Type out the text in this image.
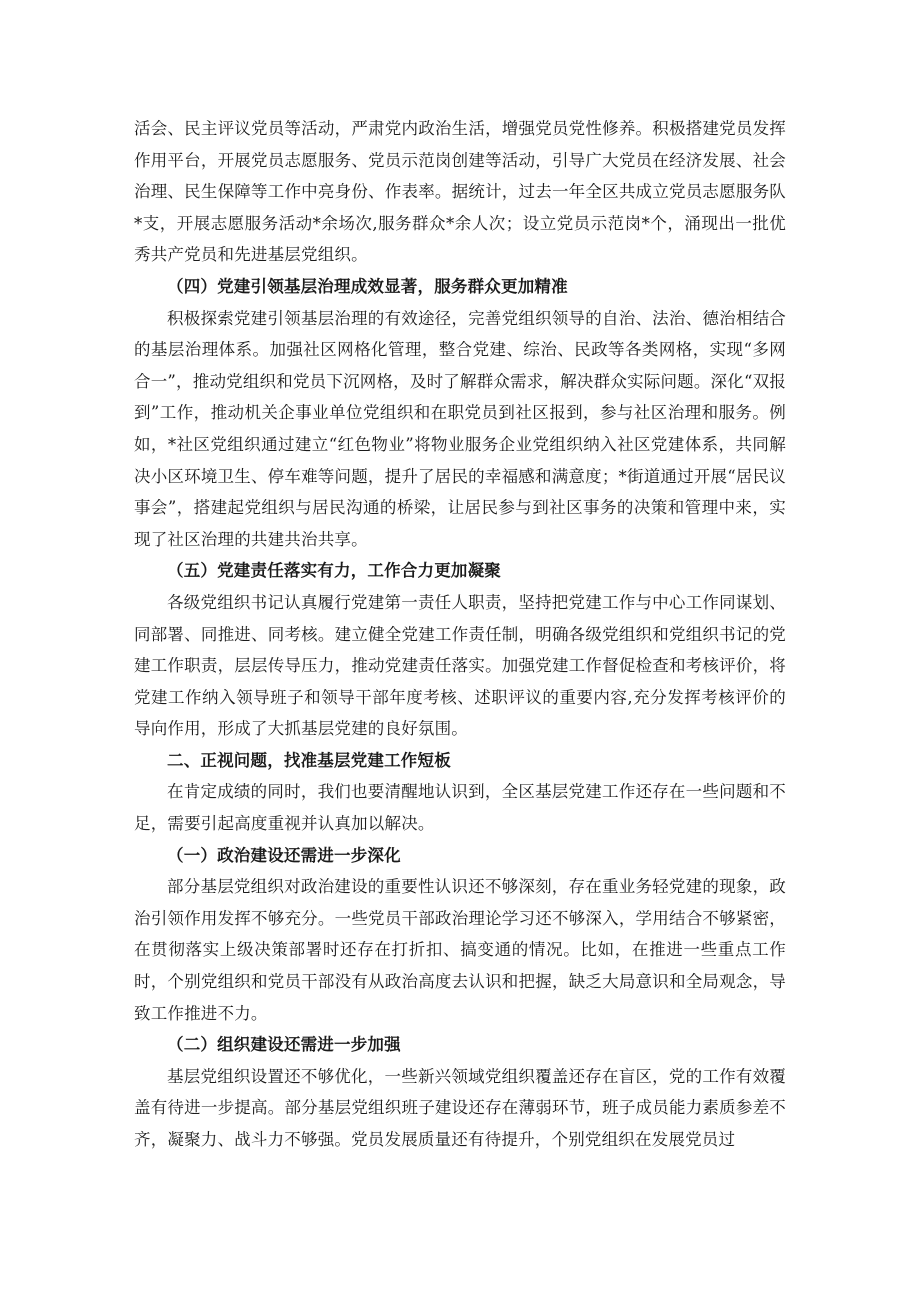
活会、民主评议党员等活动，严肃党内政治生活，增强党员党性修养。积极搭建党员发挥作用平台，开展党员志愿服务、党员示范岗创建等活动，引导广大党员在经济发展、社会治理、民生保障等工作中亮身份、作表率。据统计，过去一年全区共成立党员志愿服务队*支，开展志愿服务活动*余场次,服务群众*余人次；设立党员示范岗*个，涌现出一批优秀共产党员和先进基层党组织。

（四）党建引领基层治理成效显著，服务群众更加精准

积极探索党建引领基层治理的有效途径，完善党组织领导的自治、法治、德治相结合的基层治理体系。加强社区网格化管理，整合党建、综治、民政等各类网格，实现“多网合一”，推动党组织和党员下沉网格，及时了解群众需求，解决群众实际问题。深化“双报到”工作，推动机关企事业单位党组织和在职党员到社区报到，参与社区治理和服务。例如，*社区党组织通过建立“红色物业”将物业服务企业党组织纳入社区党建体系，共同解决小区环境卫生、停车难等问题，提升了居民的幸福感和满意度；*街道通过开展“居民议事会”，搭建起党组织与居民沟通的桥梁，让居民参与到社区事务的决策和管理中来，实现了社区治理的共建共治共享。

（五）党建责任落实有力，工作合力更加凝聚

各级党组织书记认真履行党建第一责任人职责，坚持把党建工作与中心工作同谋划、同部署、同推进、同考核。建立健全党建工作责任制，明确各级党组织和党组织书记的党建工作职责，层层传导压力，推动党建责任落实。加强党建工作督促检查和考核评价，将党建工作纳入领导班子和领导干部年度考核、述职评议的重要内容,充分发挥考核评价的导向作用，形成了大抓基层党建的良好氛围。

二、正视问题，找准基层党建工作短板

在肯定成绩的同时，我们也要清醒地认识到，全区基层党建工作还存在一些问题和不足，需要引起高度重视并认真加以解决。

（一）政治建设还需进一步深化

部分基层党组织对政治建设的重要性认识还不够深刻，存在重业务轻党建的现象，政治引领作用发挥不够充分。一些党员干部政治理论学习还不够深入，学用结合不够紧密，在贯彻落实上级决策部署时还存在打折扣、搞变通的情况。比如，在推进一些重点工作时，个别党组织和党员干部没有从政治高度去认识和把握，缺乏大局意识和全局观念，导致工作推进不力。

（二）组织建设还需进一步加强

基层党组织设置还不够优化，一些新兴领域党组织覆盖还存在盲区，党的工作有效覆盖有待进一步提高。部分基层党组织班子建设还存在薄弱环节，班子成员能力素质参差不齐，凝聚力、战斗力不够强。党员发展质量还有待提升，个别党组织在发展党员过
